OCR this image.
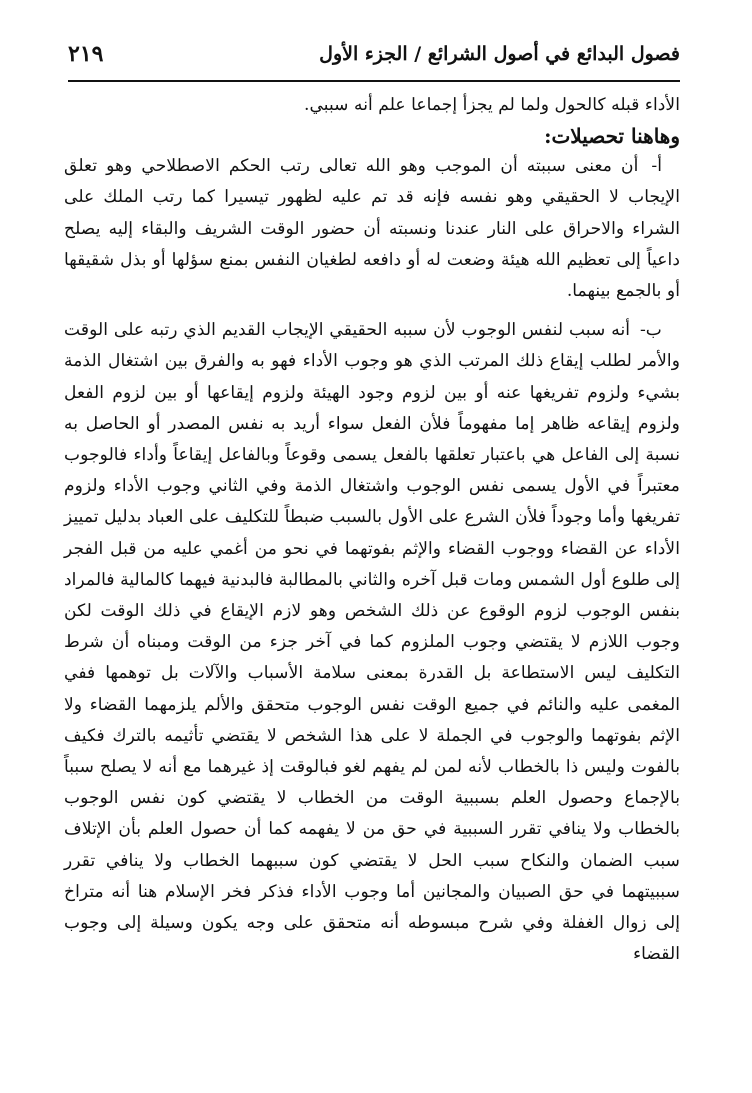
فصول البدائع في أصول الشرائع / الجزء الأول
٢١٩

الأداء قبله كالحول ولما لم يجزأ إجماعا علم أنه سببي.

وهاهنا تحصيلات:

أ- أن معنى سببته أن الموجب وهو الله تعالى رتب الحكم الاصطلاحي وهو تعلق الإيجاب لا الحقيقي وهو نفسه فإنه قد تم عليه لظهور تيسيرا كما رتب الملك على الشراء والاحراق على النار عندنا ونسبته أن حضور الوقت الشريف والبقاء إليه يصلح داعياً إلى تعظيم الله هيئة وضعت له أو دافعه لطغيان النفس بمنع سؤلها أو بذل شقيقها أو بالجمع بينهما.

ب- أنه سبب لنفس الوجوب لأن سببه الحقيقي الإيجاب القديم الذي رتبه على الوقت والأمر لطلب إيقاع ذلك المرتب الذي هو وجوب الأداء فهو به والفرق بين اشتغال الذمة بشيء ولزوم تفريغها عنه أو بين لزوم وجود الهيئة ولزوم إيقاعها أو بين لزوم الفعل ولزوم إيقاعه ظاهر إما مفهوماً فلأن الفعل سواء أريد به نفس المصدر أو الحاصل به نسبة إلى الفاعل هي باعتبار تعلقها بالفعل يسمى وقوعاً وبالفاعل إيقاعاً وأداء فالوجوب معتبراً في الأول يسمى نفس الوجوب واشتغال الذمة وفي الثاني وجوب الأداء ولزوم تفريغها وأما وجوداً فلأن الشرع على الأول بالسبب ضبطاً للتكليف على العباد بدليل تمييز الأداء عن القضاء ووجوب القضاء والإثم بفوتهما في نحو من أغمي عليه من قبل الفجر إلى طلوع أول الشمس ومات قبل آخره والثاني بالمطالبة فالبدنية فيهما كالمالية فالمراد بنفس الوجوب لزوم الوقوع عن ذلك الشخص وهو لازم الإيقاع في ذلك الوقت لكن وجوب اللازم لا يقتضي وجوب الملزوم كما في آخر جزء من الوقت ومبناه أن شرط التكليف ليس الاستطاعة بل القدرة بمعنى سلامة الأسباب والآلات بل توهمها ففي المغمى عليه والنائم في جميع الوقت نفس الوجوب متحقق والألم يلزمهما القضاء ولا الإثم بفوتهما والوجوب في الجملة لا على هذا الشخص لا يقتضي تأثيمه بالترك فكيف بالفوت وليس ذا بالخطاب لأنه لمن لم يفهم لغو فبالوقت إذ غيرهما مع أنه لا يصلح سبباً بالإجماع وحصول العلم بسببية الوقت من الخطاب لا يقتضي كون نفس الوجوب بالخطاب ولا ينافي تقرر السببية في حق من لا يفهمه كما أن حصول العلم بأن الإتلاف سبب الضمان والنكاح سبب الحل لا يقتضي كون سببهما الخطاب ولا ينافي تقرر سببيتهما في حق الصبيان والمجانين أما وجوب الأداء فذكر فخر الإسلام هنا أنه متراخ إلى زوال الغفلة وفي شرح مبسوطه أنه متحقق على وجه يكون وسيلة إلى وجوب القضاء
